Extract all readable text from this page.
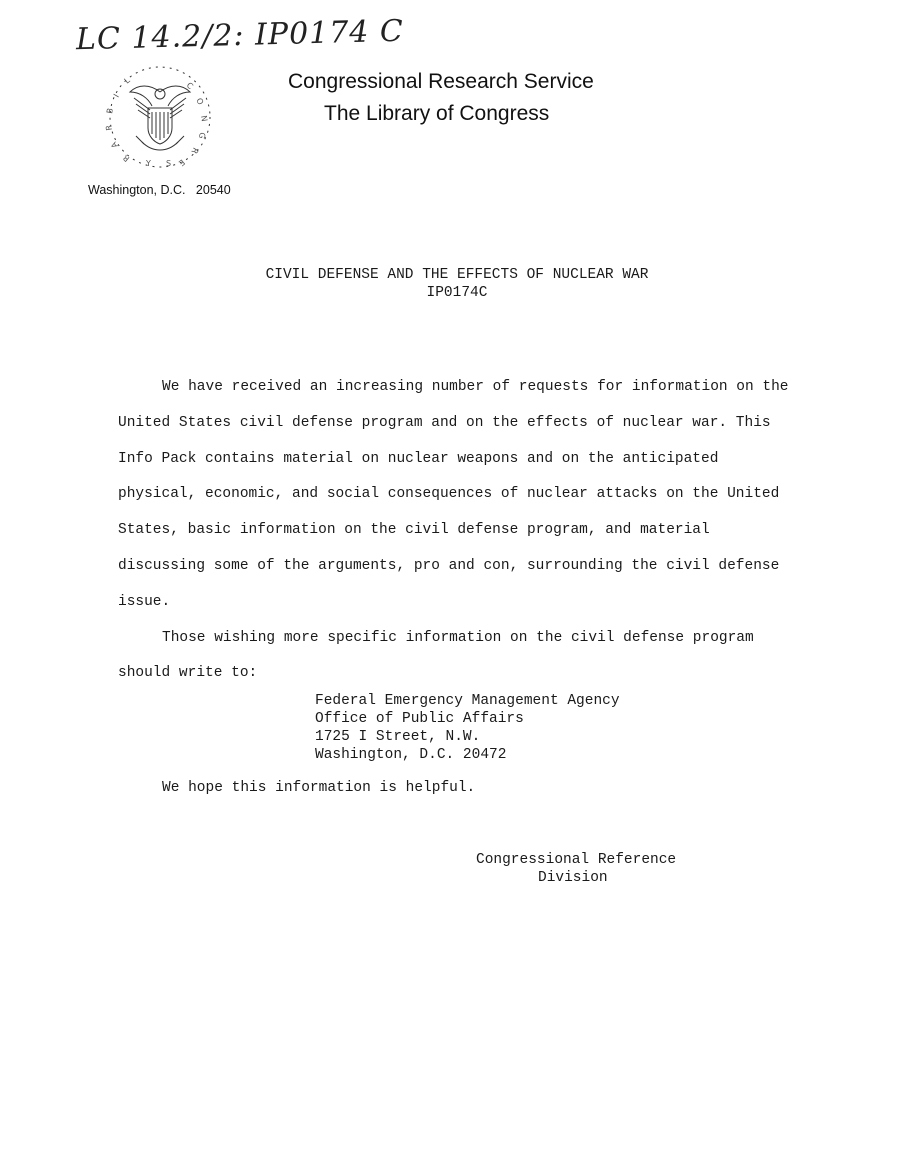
LC 14.2/2: IP0174 C
L
I
B
R
A
R
Y
C
O
N
G
R
E
S
Congressional Research Service
The Library of Congress
Washington, D.C. 20540
CIVIL DEFENSE AND THE EFFECTS OF NUCLEAR WAR
IP0174C

We have received an increasing number of requests for information on the United States civil defense program and on the effects of nuclear war. This Info Pack contains material on nuclear weapons and on the anticipated physical, economic, and social consequences of nuclear attacks on the United States, basic information on the civil defense program, and material discussing some of the arguments, pro and con, surrounding the civil defense issue.

Those wishing more specific information on the civil defense program should write to:

Federal Emergency Management Agency
Office of Public Affairs
1725 I Street, N.W.
Washington, D.C. 20472
We hope this information is helpful.
Congressional Reference
Division
